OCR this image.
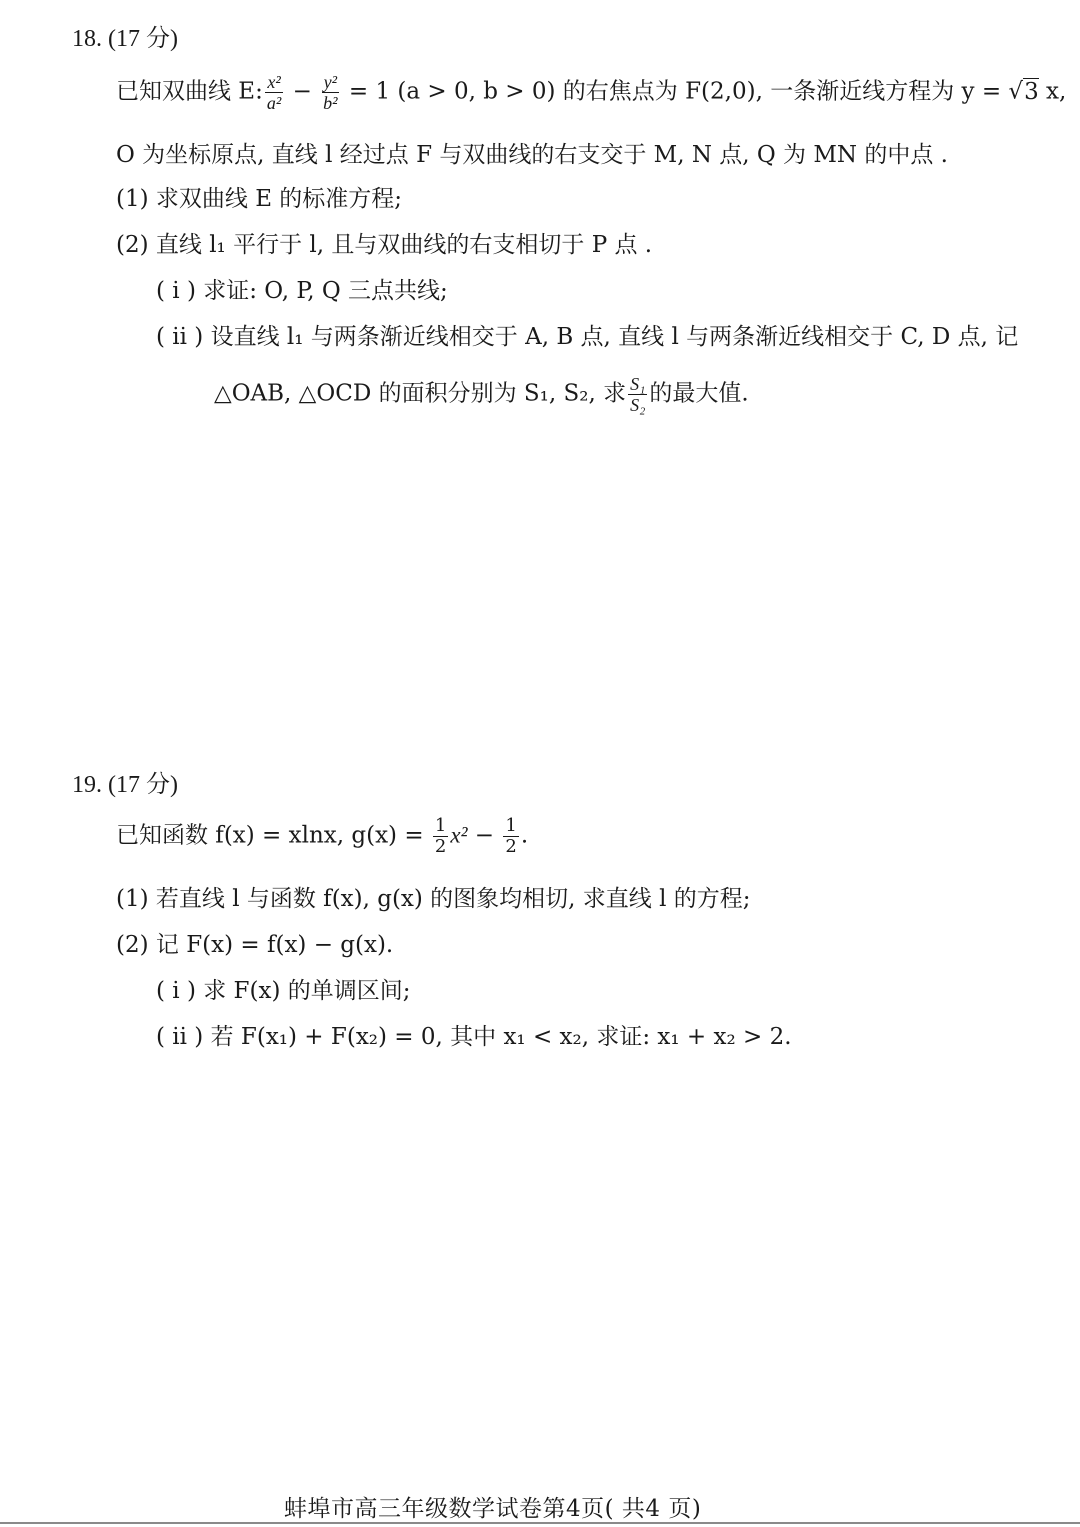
18. (17 分)
已知双曲线 E: $\frac{\text{x²}}{\text{a²}} - \frac{\text{y²}}{\text{b²}} = 1$ (a > 0, b > 0) 的右焦点为 F(2,0), 一条渐近线方程为 y = √3 x,
O 为坐标原点, 直线 l 经过点 F 与双曲线的右支交于 M, N 点, Q 为 MN 的中点 .
(1) 求双曲线 E 的标准方程;
(2) 直线 l₁ 平行于 l, 且与双曲线的右支相切于 P 点 .
( ⅰ ) 求证: O, P, Q 三点共线;
( ⅱ ) 设直线 l₁ 与两条渐近线相交于 A, B 点, 直线 l 与两条渐近线相交于 C, D 点, 记
△OAB, △OCD 的面积分别为 S₁, S₂, 求 $\frac{\text{S₁}}{\text{S₂}}$ 的最大值.
19. (17 分)
已知函数 f(x) = xlnx, $g(x) = \frac{1}{2} x^2 - \frac{1}{2}$ .
(1) 若直线 l 与函数 f(x), g(x) 的图象均相切, 求直线 l 的方程;
(2) 记 F(x) = f(x) − g(x).
( ⅰ ) 求 F(x) 的单调区间;
( ⅱ ) 若 F(x₁) + F(x₂) = 0, 其中 x₁ < x₂, 求证: x₁ + x₂ > 2.
蚌埠市高三年级数学试卷第4页( 共4 页)
